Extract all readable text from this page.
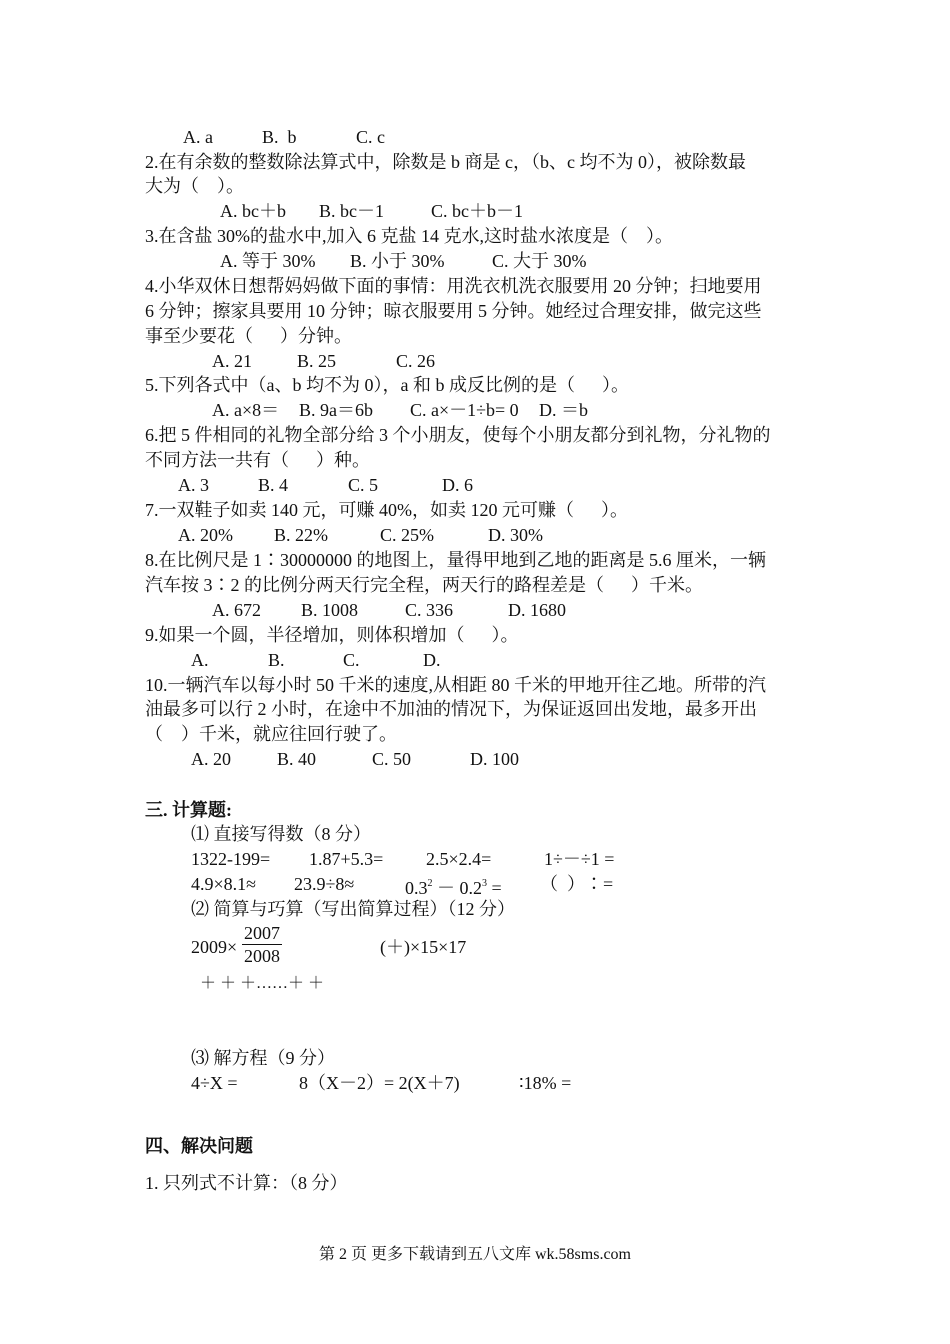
A. a	B.  b	C. c
2.在有余数的整数除法算式中，除数是 b 商是 c，（b、c 均不为 0），被除数最
大为（    ）。
A. bc＋b B. bc－1	C. bc＋b－1
3.在含盐 30%的盐水中,加入 6 克盐 14 克水,这时盐水浓度是（    ）。
A. 等于 30% B. 小于 30%	C. 大于 30%
4.小华双休日想帮妈妈做下面的事情：用洗衣机洗衣服要用 20 分钟；扫地要用
6 分钟；擦家具要用 10 分钟；晾衣服要用 5 分钟。她经过合理安排，做完这些
事至少要花（      ）分钟。
A. 21	B. 25	C. 26
5.下列各式中（a、b 均不为 0），a 和 b 成反比例的是（      ）。
A. a×8＝ B. 9a＝6b C. a×－1÷b= 0 D. ＝b
6.把 5 件相同的礼物全部分给 3 个小朋友，使每个小朋友都分到礼物，分礼物的
不同方法一共有（      ）种。
A. 3	B. 4	C. 5	D. 6
7.一双鞋子如卖 140 元，可赚 40%，如卖 120 元可赚（      ）。
A. 20% B. 22%	C. 25%	D. 30%
8.在比例尺是 1∶30000000 的地图上，量得甲地到乙地的距离是 5.6 厘米，一辆
汽车按 3∶2 的比例分两天行完全程，两天行的路程差是（      ）千米。
A. 672 B. 1008	C. 336	D. 1680
9.如果一个圆，半径增加，则体积增加（      ）。
A.	B.	C.	D.
10.一辆汽车以每小时 50 千米的速度,从相距 80 千米的甲地开往乙地。所带的汽
油最多可以行 2 小时，在途中不加油的情况下，为保证返回出发地，最多开出
（    ）千米，就应往回行驶了。
A. 20	B. 40	C. 50	D. 100
三. 计算题:
⑴ 直接写得数（8 分）
1322-199= 1.87+5.3= 2.5×2.4=	1÷－÷1 =
4.9×8.1≈ 23.9÷8≈	$0.3^2 - 0.2^3$ = （  ）∶=
⑵ 简算与巧算（写出简算过程）（12 分）
$2009\times \frac{2007}{2008}$	(＋)×15×17
＋ ＋ ＋……＋ ＋
⑶ 解方程（9 分）
4÷X =	8（X－2）= 2(X＋7)	∶18% =
四、解决问题
1. 只列式不计算：（8 分）
第 2 页 更多下载请到五八文库 wk.58sms.com
